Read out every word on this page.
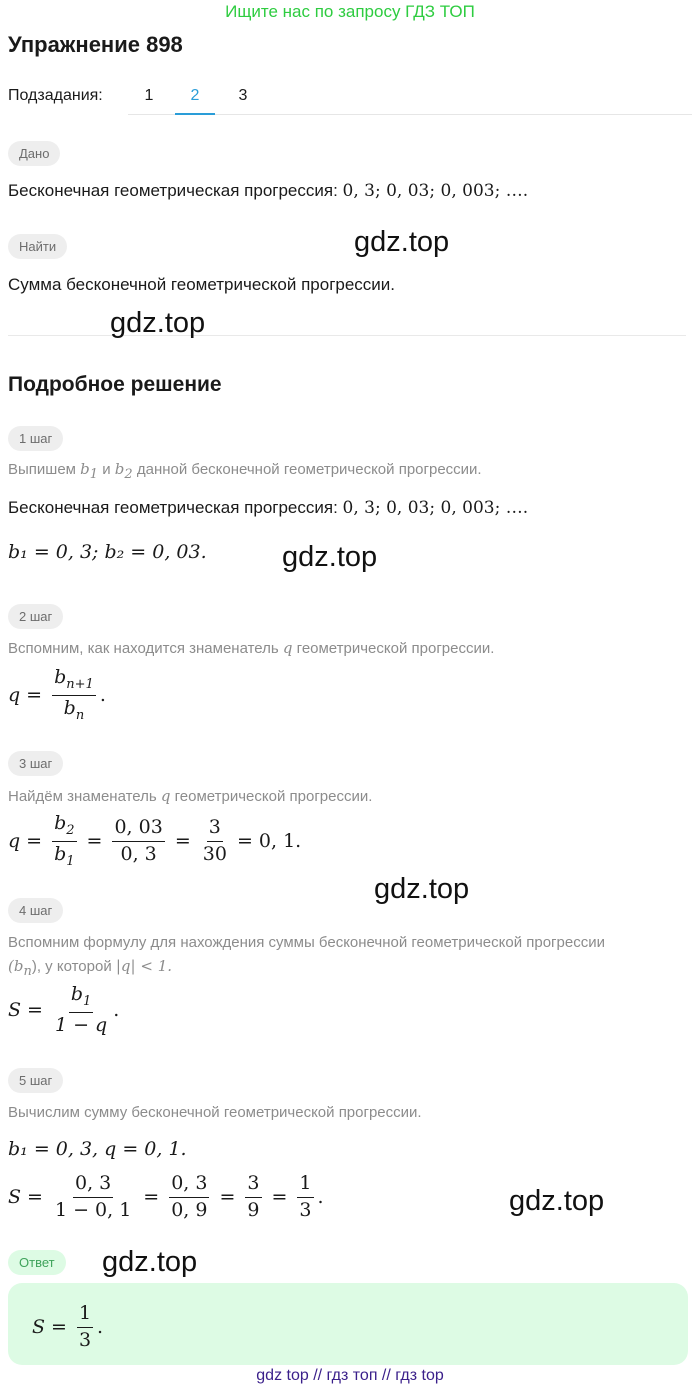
Ищите нас по запросу ГДЗ ТОП
Упражнение 898
Подзадания:	1	2	3
Дано
Бесконечная геометрическая прогрессия: 0, 3; 0, 03; 0, 003; ….
Найти
Сумма бесконечной геометрической прогрессии.
gdz.top
gdz.top
Подробное решение
1 шаг
Выпишем $b_1$ и $b_2$ данной бесконечной геометрической прогрессии.
Бесконечная геометрическая прогрессия: 0, 3; 0, 03; 0, 003; ….
b₁ = 0, 3; b₂ = 0, 03.	gdz.top
2 шаг
Вспомним, как находится знаменатель q геометрической прогрессии.
$q = \frac{b_{n+1}}{b_n}$ .
3 шаг
Найдём знаменатель q геометрической прогрессии.
$q = \frac{b_2}{b_1} = \frac{0, 03}{0, 3} = \frac{3}{30} = 0$, 1.
gdz.top
4 шаг
Вспомним формулу для нахождения суммы бесконечной геометрической прогрессии
$(b_n)$, у которой |q| < 1.
$S = \frac{b_1}{1 - q}$ .
5 шаг
Вычислим сумму бесконечной геометрической прогрессии.
b₁ = 0, 3, q = 0, 1.
$S = \frac{0, 3}{1 - 0, 1} = \frac{0, 3}{0, 9} = \frac{3}{9} = \frac{1}{3}$ .	gdz.top
Ответ	gdz.top
$S = \frac{1}{3}$ .
gdz top // гдз топ // гдз top
